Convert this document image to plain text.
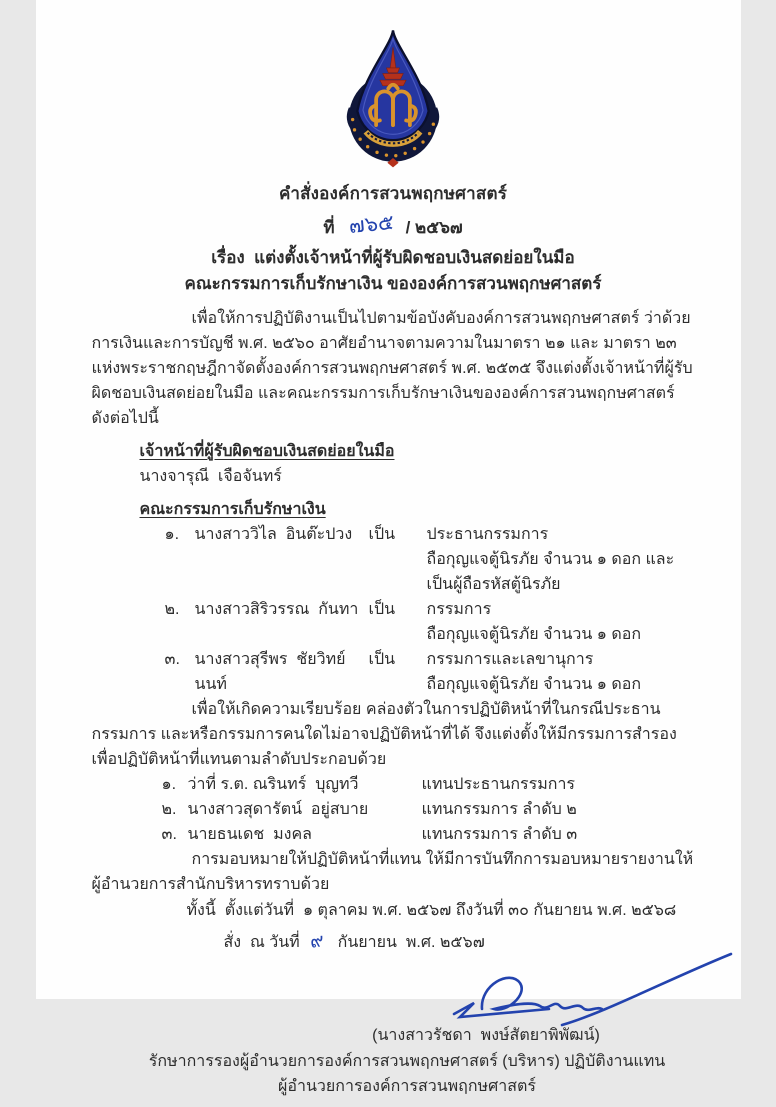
คำสั่งองค์การสวนพฤกษศาสตร์
ที่ ๗๖๕ / ๒๕๖๗
เรื่อง  แต่งตั้งเจ้าหน้าที่ผู้รับผิดชอบเงินสดย่อยในมือ
คณะกรรมการเก็บรักษาเงิน ขององค์การสวนพฤกษศาสตร์

เพื่อให้การปฏิบัติงานเป็นไปตามข้อบังคับองค์การสวนพฤกษศาสตร์ ว่าด้วย การเงินและการบัญชี พ.ศ. ๒๕๖๐ อาศัยอำนาจตามความในมาตรา ๒๑ และ มาตรา ๒๓ แห่งพระราชกฤษฎีกาจัดตั้งองค์การสวนพฤกษศาสตร์ พ.ศ. ๒๕๓๕ จึงแต่งตั้งเจ้าหน้าที่ผู้รับผิดชอบเงินสดย่อยในมือ และคณะกรรมการเก็บรักษาเงินขององค์การสวนพฤกษศาสตร์ ดังต่อไปนี้

เจ้าหน้าที่ผู้รับผิดชอบเงินสดย่อยในมือ
นางจารุณี  เจือจันทร์
คณะกรรมการเก็บรักษาเงิน
๑. นางสาววิไล  อินต๊ะปวง	เป็น	ประธานกรรมการ
ถือกุญแจตู้นิรภัย จำนวน ๑ ดอก และ
เป็นผู้ถือรหัสตู้นิรภัย
๒. นางสาวสิริวรรณ  กันทา เป็น	กรรมการ
ถือกุญแจตู้นิรภัย จำนวน ๑ ดอก
๓. นางสาวสุรีพร  ชัยวิทย์นนท์
เป็น	กรรมการและเลขานุการ
ถือกุญแจตู้นิรภัย จำนวน ๑ ดอก

เพื่อให้เกิดความเรียบร้อย คล่องตัวในการปฏิบัติหน้าที่ในกรณีประธานกรรมการ และหรือกรรมการคนใดไม่อาจปฏิบัติหน้าที่ได้ จึงแต่งตั้งให้มีกรรมการสำรอง เพื่อปฏิบัติหน้าที่แทนตามลำดับประกอบด้วย

๑. ว่าที่ ร.ต. ณรินทร์  บุญทวี	แทนประธานกรรมการ
๒. นางสาวสุดารัตน์  อยู่สบาย	แทนกรรมการ ลำดับ ๒
๓. นายธนเดช  มงคล	แทนกรรมการ ลำดับ ๓

การมอบหมายให้ปฏิบัติหน้าที่แทน ให้มีการบันทึกการมอบหมายรายงานให้ผู้อำนวยการสำนักบริหารทราบด้วย

ทั้งนี้  ตั้งแต่วันที่  ๑ ตุลาคม พ.ศ. ๒๕๖๗ ถึงวันที่ ๓๐ กันยายน พ.ศ. ๒๕๖๘
สั่ง  ณ วันที่ ๙ กันยายน  พ.ศ. ๒๕๖๗
(นางสาวรัชดา  พงษ์สัตยาพิพัฒน์)
รักษาการรองผู้อำนวยการองค์การสวนพฤกษศาสตร์ (บริหาร) ปฏิบัติงานแทน
ผู้อำนวยการองค์การสวนพฤกษศาสตร์
